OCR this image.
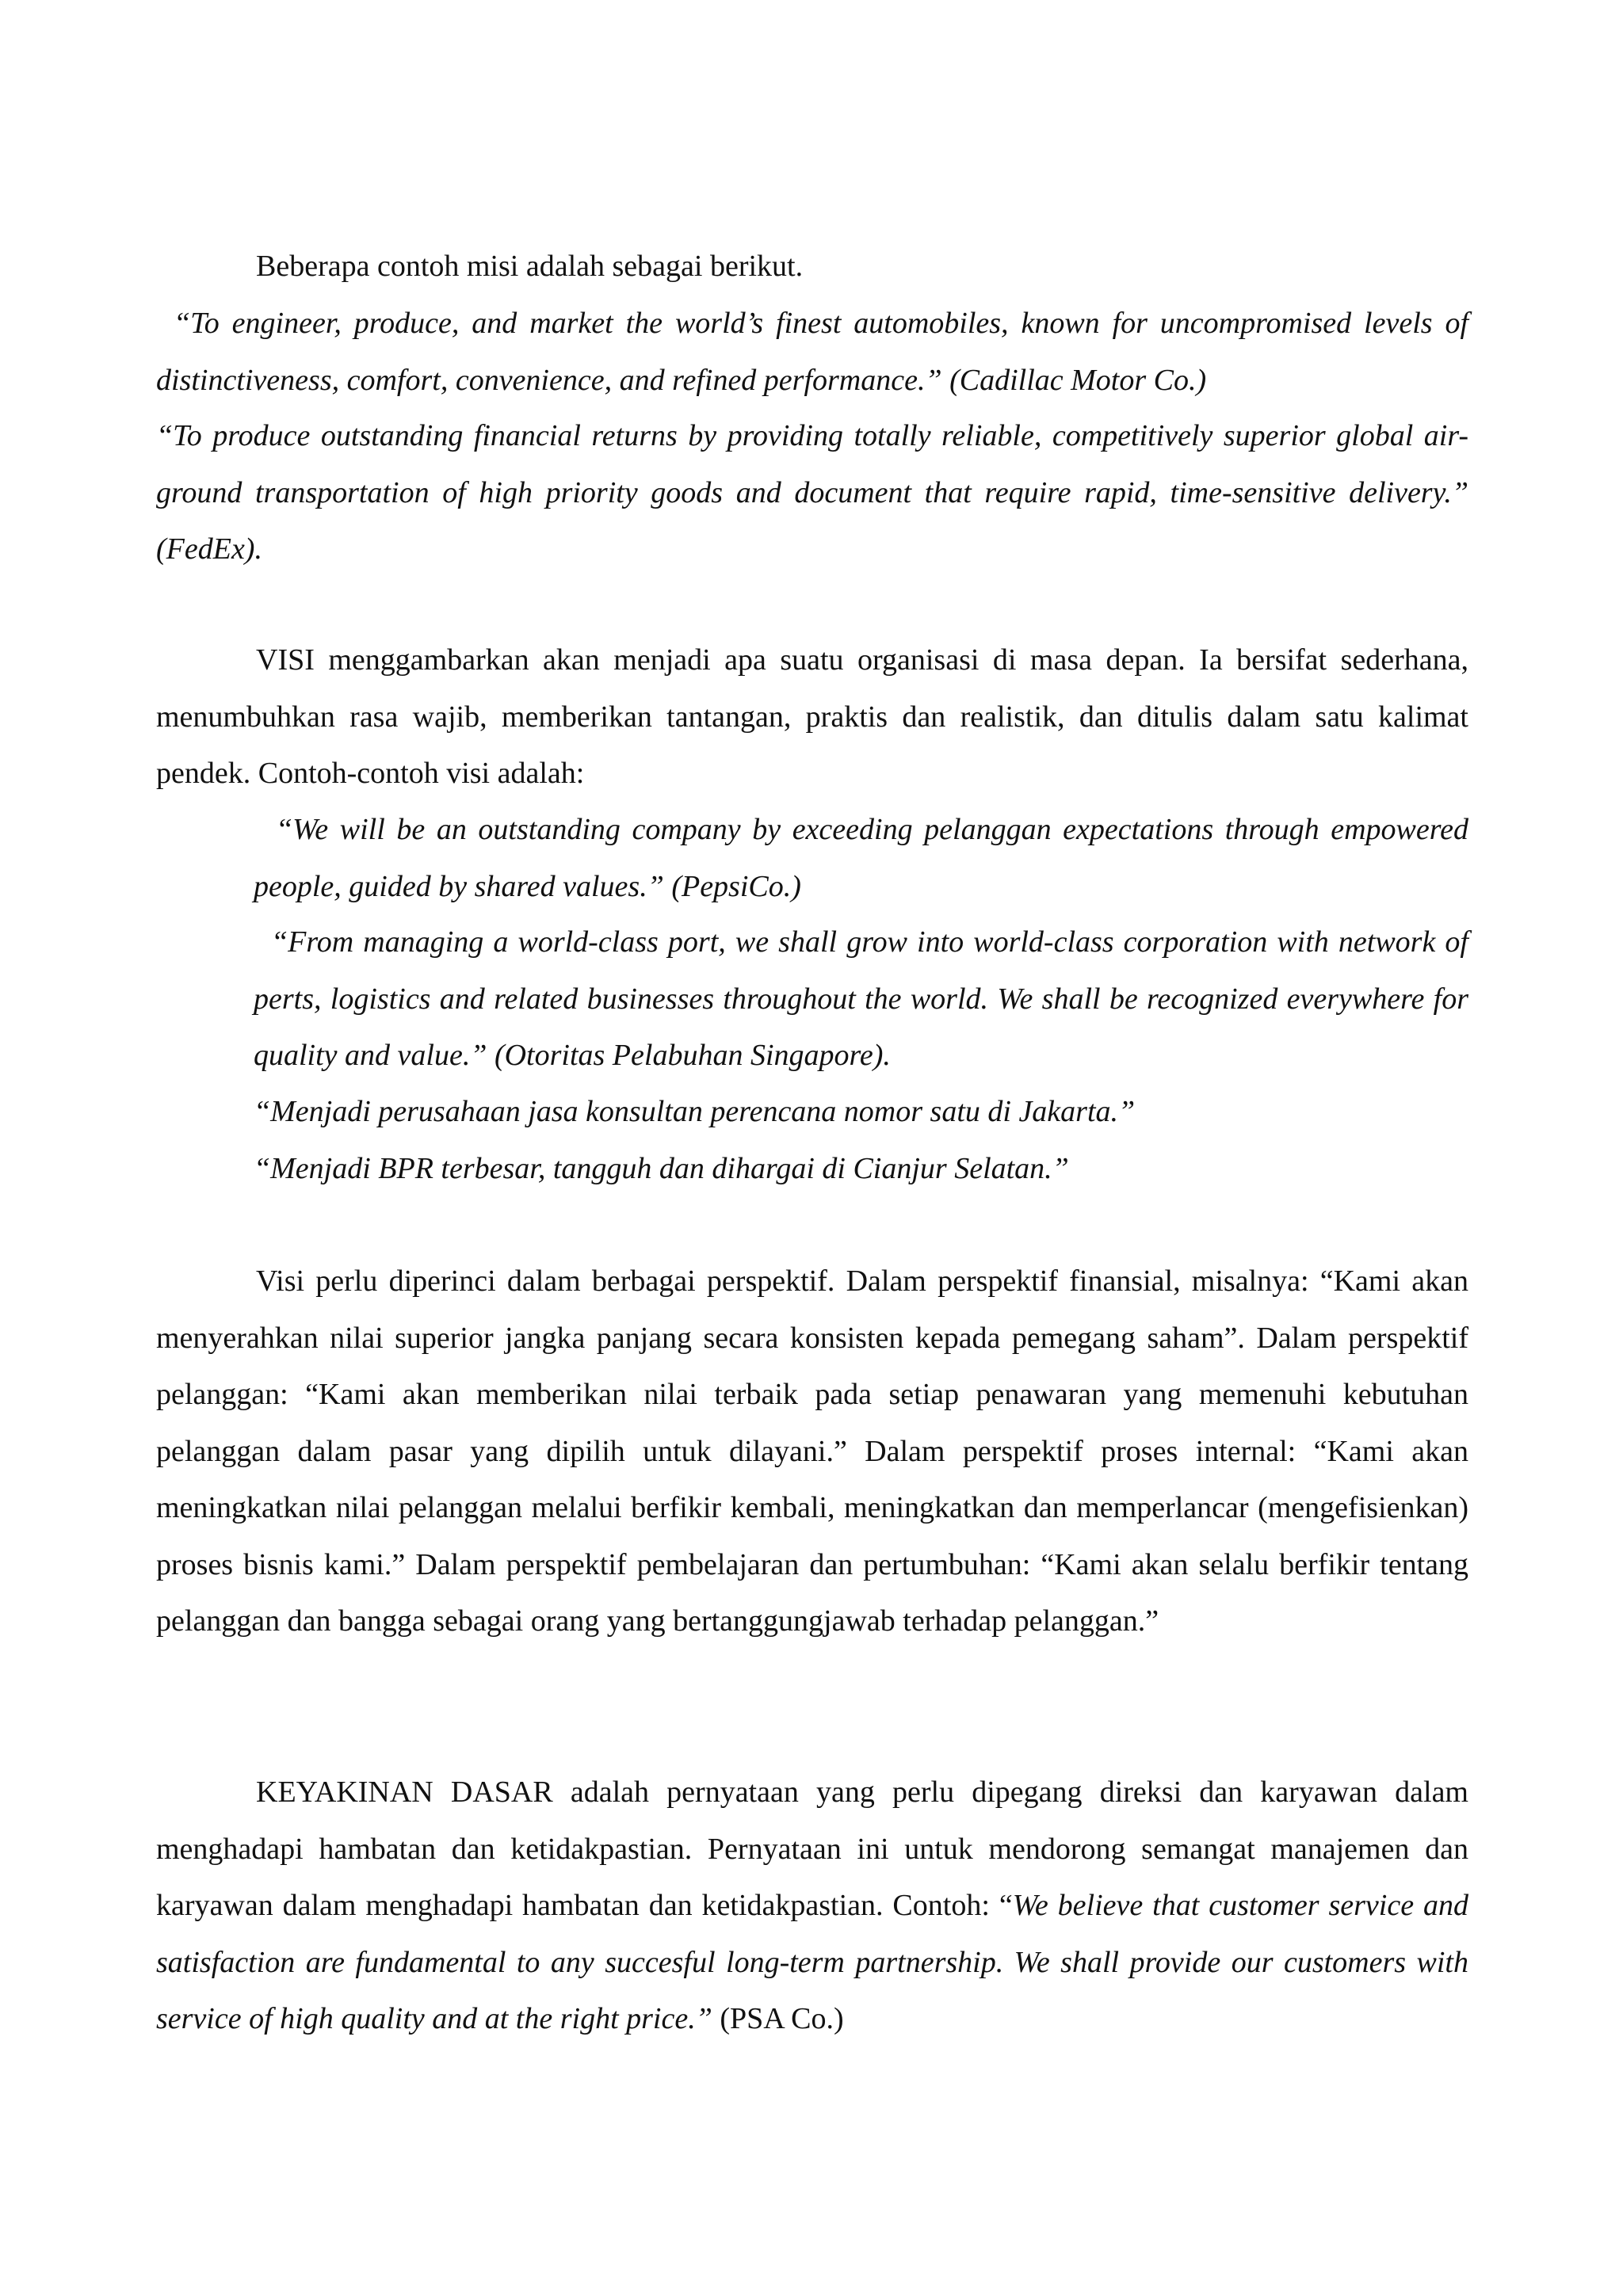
Beberapa contoh misi adalah sebagai berikut.

“To engineer, produce, and market the world’s finest automobiles, known for uncompromised levels of distinctiveness, comfort, convenience, and refined performance.” (Cadillac Motor Co.)

“To produce outstanding financial returns by providing totally reliable, competitively superior global air-ground transportation of high priority goods and document that require rapid, time-sensitive delivery.” (FedEx).

VISI menggambarkan akan menjadi apa suatu organisasi di masa depan. Ia bersifat sederhana, menumbuhkan rasa wajib, memberikan tantangan, praktis dan realistik, dan ditulis dalam satu kalimat pendek. Contoh-contoh visi adalah:

“We will be an outstanding company by exceeding pelanggan expectations through empowered people, guided by shared values.” (PepsiCo.)

“From managing a world-class port, we shall grow into world-class corporation with network of perts, logistics and related businesses throughout the world. We shall be recognized everywhere for quality and value.” (Otoritas Pelabuhan Singapore).

“Menjadi perusahaan jasa konsultan perencana nomor satu di Jakarta.”

“Menjadi BPR terbesar, tangguh dan dihargai di Cianjur Selatan.”

Visi perlu diperinci dalam berbagai perspektif. Dalam perspektif finansial, misalnya: “Kami akan menyerahkan nilai superior jangka panjang secara konsisten kepada pemegang saham”. Dalam perspektif pelanggan: “Kami akan memberikan nilai terbaik pada setiap penawaran yang memenuhi kebutuhan pelanggan dalam pasar yang dipilih untuk dilayani.” Dalam perspektif proses internal: “Kami akan meningkatkan nilai pelanggan melalui berfikir kembali, meningkatkan dan memperlancar (mengefisienkan) proses bisnis kami.” Dalam perspektif pembelajaran dan pertumbuhan: “Kami akan selalu berfikir tentang pelanggan dan bangga sebagai orang yang bertanggungjawab terhadap pelanggan.”

KEYAKINAN DASAR adalah pernyataan yang perlu dipegang direksi dan karyawan dalam menghadapi hambatan dan ketidakpastian. Pernyataan ini untuk mendorong semangat manajemen dan karyawan dalam menghadapi hambatan dan ketidakpastian. Contoh: “We believe that customer service and satisfaction are fundamental to any succesful long-term partnership. We shall provide our customers with service of high quality and at the right price.” (PSA Co.)
